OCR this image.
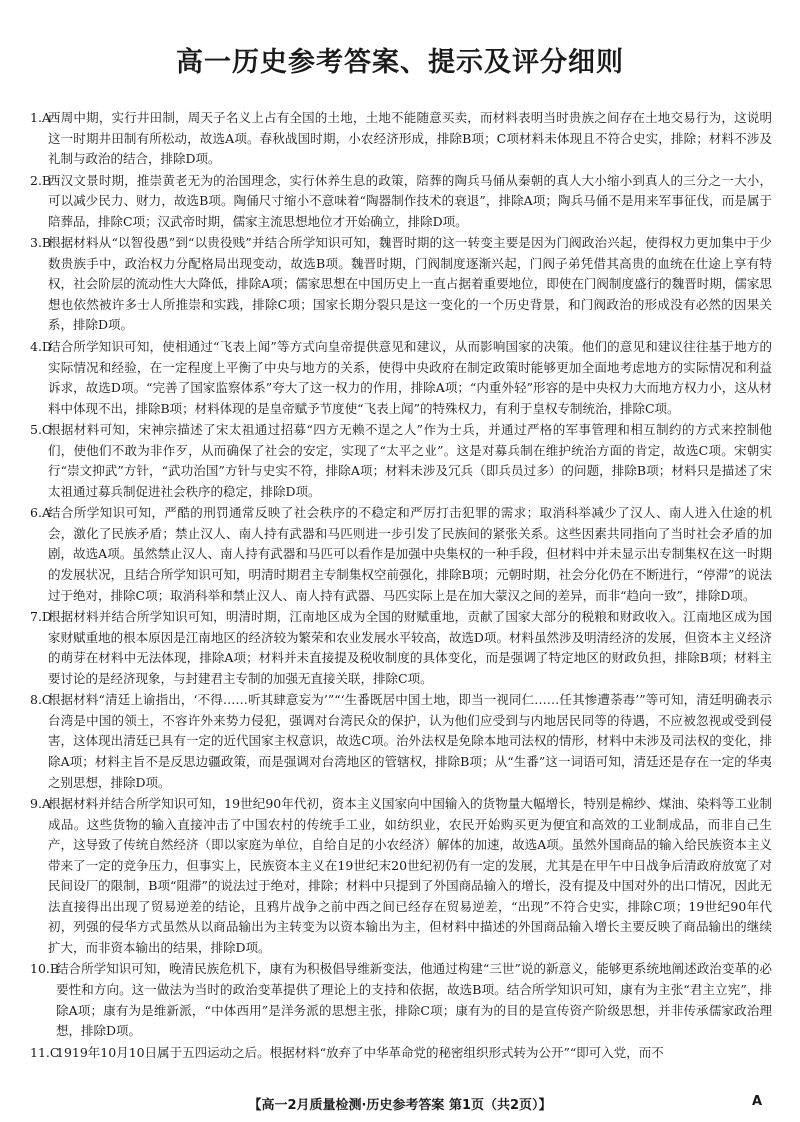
高一历史参考答案、提示及评分细则
1.A
西周中期，实行井田制，周天子名义上占有全国的土地，土地不能随意买卖，而材料表明当时贵族之间存在土地交易行为，这说明这一时期井田制有所松动，故选A项。春秋战国时期，小农经济形成，排除B项；C项材料未体现且不符合史实，排除；材料不涉及礼制与政治的结合，排除D项。
2.B
西汉文景时期，推崇黄老无为的治国理念，实行休养生息的政策，陪葬的陶兵马俑从秦朝的真人大小缩小到真人的三分之一大小，可以减少民力、财力，故选B项。陶俑尺寸缩小不意味着“陶器制作技术的衰退”，排除A项；陶兵马俑不是用来军事征伐，而是属于陪葬品，排除C项；汉武帝时期，儒家主流思想地位才开始确立，排除D项。
3.B
根据材料从“以智役愚”到“以贵役贱”并结合所学知识可知，魏晋时期的这一转变主要是因为门阀政治兴起，使得权力更加集中于少数贵族手中，政治权力分配格局出现变动，故选B项。魏晋时期，门阀制度逐渐兴起，门阀子弟凭借其高贵的血统在仕途上享有特权，社会阶层的流动性大大降低，排除A项；儒家思想在中国历史上一直占据着重要地位，即使在门阀制度盛行的魏晋时期，儒家思想也依然被许多士人所推崇和实践，排除C项；国家长期分裂只是这一变化的一个历史背景，和门阀政治的形成没有必然的因果关系，排除D项。
4.D
结合所学知识可知，使相通过“飞表上闻”等方式向皇帝提供意见和建议，从而影响国家的决策。他们的意见和建议往往基于地方的实际情况和经验，在一定程度上平衡了中央与地方的关系，使得中央政府在制定政策时能够更加全面地考虑地方的实际情况和利益诉求，故选D项。“完善了国家监察体系”夸大了这一权力的作用，排除A项；“内重外轻”形容的是中央权力大而地方权力小，这从材料中体现不出，排除B项；材料体现的是皇帝赋予节度使“飞表上闻”的特殊权力，有利于皇权专制统治，排除C项。
5.C
根据材料可知，宋神宗描述了宋太祖通过招募“四方无赖不逞之人”作为士兵，并通过严格的军事管理和相互制约的方式来控制他们，使他们不敢为非作歹，从而确保了社会的安定，实现了“太平之业”。这是对募兵制在维护统治方面的肯定，故选C项。宋朝实行“崇文抑武”方针，“武功治国”方针与史实不符，排除A项；材料未涉及冗兵（即兵员过多）的问题，排除B项；材料只是描述了宋太祖通过募兵制促进社会秩序的稳定，排除D项。
6.A
结合所学知识可知，严酷的刑罚通常反映了社会秩序的不稳定和严厉打击犯罪的需求；取消科举减少了汉人、南人进入仕途的机会，激化了民族矛盾；禁止汉人、南人持有武器和马匹则进一步引发了民族间的紧张关系。这些因素共同指向了当时社会矛盾的加剧，故选A项。虽然禁止汉人、南人持有武器和马匹可以看作是加强中央集权的一种手段，但材料中并未显示出专制集权在这一时期的发展状况，且结合所学知识可知，明清时期君主专制集权空前强化，排除B项；元朝时期，社会分化仍在不断进行，“停滞”的说法过于绝对，排除C项；取消科举和禁止汉人、南人持有武器、马匹实际上是在加大蒙汉之间的差异，而非“趋向一致”，排除D项。
7.D
根据材料并结合所学知识可知，明清时期，江南地区成为全国的财赋重地，贡献了国家大部分的税粮和财政收入。江南地区成为国家财赋重地的根本原因是江南地区的经济较为繁荣和农业发展水平较高，故选D项。材料虽然涉及明清经济的发展，但资本主义经济的萌芽在材料中无法体现，排除A项；材料并未直接提及税收制度的具体变化，而是强调了特定地区的财政负担，排除B项；材料主要讨论的是经济现象，与封建君主专制的加强无直接关联，排除C项。
8.C
根据材料“清廷上谕指出，‘不得……听其肆意妄为’”“‘生番既居中国土地，即当一视同仁……任其惨遭荼毒’”等可知，清廷明确表示台湾是中国的领土，不容许外来势力侵犯，强调对台湾民众的保护，认为他们应受到与内地居民同等的待遇，不应被忽视或受到侵害，这体现出清廷已具有一定的近代国家主权意识，故选C项。治外法权是免除本地司法权的情形，材料中未涉及司法权的变化，排除A项；材料主旨不是反思边疆政策，而是强调对台湾地区的管辖权，排除B项；从“生番”这一词语可知，清廷还是存在一定的华夷之别思想，排除D项。
9.A
根据材料并结合所学知识可知，19世纪90年代初，资本主义国家向中国输入的货物量大幅增长，特别是棉纱、煤油、染料等工业制成品。这些货物的输入直接冲击了中国农村的传统手工业，如纺织业，农民开始购买更为便宜和高效的工业制成品，而非自己生产，这导致了传统自然经济（即以家庭为单位，自给自足的小农经济）解体的加速，故选A项。虽然外国商品的输入给民族资本主义带来了一定的竞争压力，但事实上，民族资本主义在19世纪末20世纪初仍有一定的发展，尤其是在甲午中日战争后清政府放宽了对民间设厂的限制，B项“阻滞”的说法过于绝对，排除；材料中只提到了外国商品输入的增长，没有提及中国对外的出口情况，因此无法直接得出出现了贸易逆差的结论，且鸦片战争之前中西之间已经存在贸易逆差，“出现”不符合史实，排除C项；19世纪90年代初，列强的侵华方式虽然从以商品输出为主转变为以资本输出为主，但材料中描述的外国商品输入增长主要反映了商品输出的继续扩大，而非资本输出的结果，排除D项。
10.B
结合所学知识可知，晚清民族危机下，康有为积极倡导维新变法，他通过构建“三世”说的新意义，能够更系统地阐述政治变革的必要性和方向。这一做法为当时的政治变革提供了理论上的支持和依据，故选B项。结合所学知识可知，康有为主张“君主立宪”，排除A项；康有为是维新派，“中体西用”是洋务派的思想主张，排除C项；康有为的目的是宣传资产阶级思想，并非传承儒家政治理想，排除D项。
11.C
1919年10月10日属于五四运动之后。根据材料“放弃了中华革命党的秘密组织形式转为公开”“即可入党，而不
【高一2月质量检测·历史参考答案 第1页（共2页）】	A
